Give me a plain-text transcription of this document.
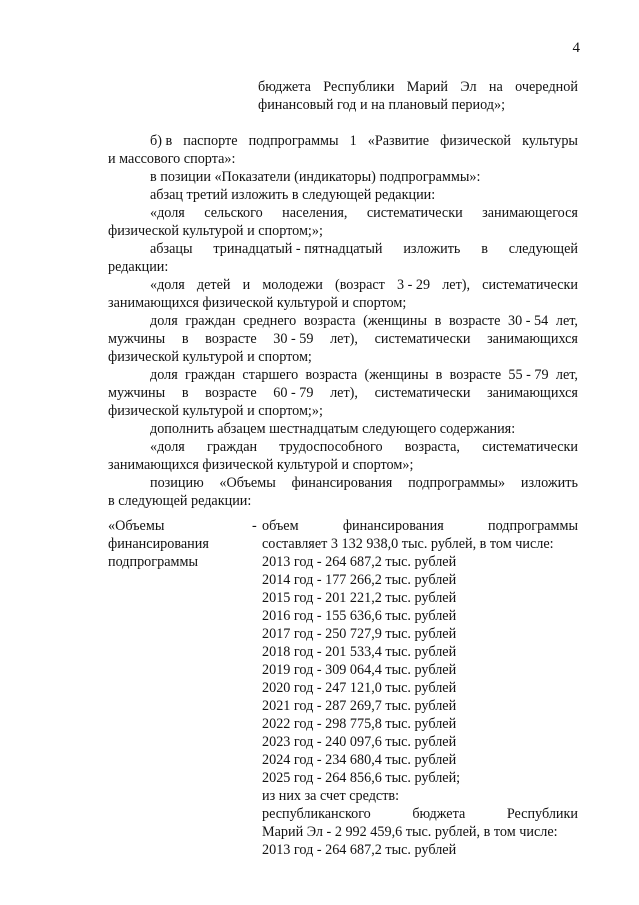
4
бюджета Республики Марий Эл на очередной
финансовый год и на плановый период»;
б) в паспорте подпрограммы 1 «Развитие физической культуры
и массового спорта»:
в позиции «Показатели (индикаторы) подпрограммы»:
абзац третий изложить в следующей редакции:
«доля сельского населения, систематически занимающегося
физической культурой и спортом;»;
абзацы тринадцатый - пятнадцатый изложить в следующей
редакции:
«доля детей и молодежи (возраст 3 - 29 лет), систематически
занимающихся физической культурой и спортом;
доля граждан среднего возраста (женщины в возрасте 30 - 54 лет,
мужчины в возрасте 30 - 59 лет), систематически занимающихся
физической культурой и спортом;
доля граждан старшего возраста (женщины в возрасте 55 - 79 лет,
мужчины в возрасте 60 - 79 лет), систематически занимающихся
физической культурой и спортом;»;
дополнить абзацем шестнадцатым следующего содержания:
«доля граждан трудоспособного возраста, систематически
занимающихся физической культурой и спортом»;
позицию «Объемы финансирования подпрограммы» изложить
в следующей редакции:
«Объемы
финансирования
подпрограммы
- объем	финансирования	подпрограммы
составляет 3 132 938,0 тыс. рублей, в том числе:
2013 год - 264 687,2 тыс. рублей
2014 год - 177 266,2 тыс. рублей
2015 год - 201 221,2 тыс. рублей
2016 год - 155 636,6 тыс. рублей
2017 год - 250 727,9 тыс. рублей
2018 год - 201 533,4 тыс. рублей
2019 год - 309 064,4 тыс. рублей
2020 год - 247 121,0 тыс. рублей
2021 год - 287 269,7 тыс. рублей
2022 год - 298 775,8 тыс. рублей
2023 год - 240 097,6 тыс. рублей
2024 год - 234 680,4 тыс. рублей
2025 год - 264 856,6 тыс. рублей;
из них за счет средств:
республиканского	бюджета	Республики
Марий Эл - 2 992 459,6 тыс. рублей, в том числе:
2013 год - 264 687,2 тыс. рублей
